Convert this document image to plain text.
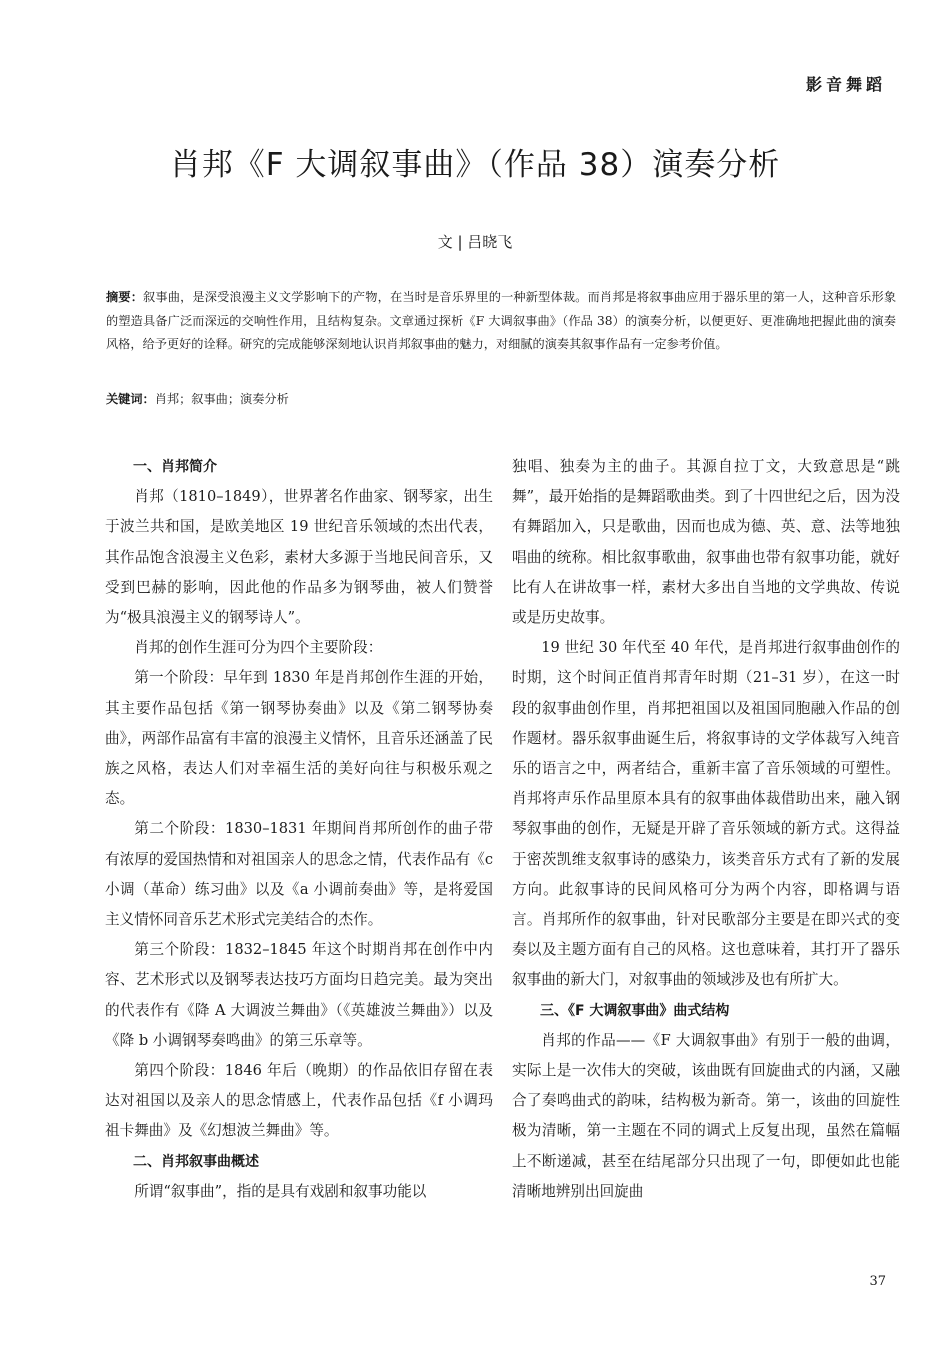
影音舞蹈
肖邦《F 大调叙事曲》（作品 38）演奏分析
文 | 吕晓飞
摘要：叙事曲，是深受浪漫主义文学影响下的产物，在当时是音乐界里的一种新型体裁。而肖邦是将叙事曲应用于器乐里的第一人，这种音乐形象的塑造具备广泛而深远的交响性作用，且结构复杂。文章通过探析《F 大调叙事曲》（作品 38）的演奏分析，以便更好、更准确地把握此曲的演奏风格，给予更好的诠释。研究的完成能够深刻地认识肖邦叙事曲的魅力，对细腻的演奏其叙事作品有一定参考价值。
关键词：肖邦；叙事曲；演奏分析
一、肖邦简介

肖邦（1810–1849），世界著名作曲家、钢琴家，出生于波兰共和国，是欧美地区 19 世纪音乐领域的杰出代表，其作品饱含浪漫主义色彩，素材大多源于当地民间音乐，又受到巴赫的影响，因此他的作品多为钢琴曲，被人们赞誉为“极具浪漫主义的钢琴诗人”。

肖邦的创作生涯可分为四个主要阶段：

第一个阶段：早年到 1830 年是肖邦创作生涯的开始，其主要作品包括《第一钢琴协奏曲》以及《第二钢琴协奏曲》，两部作品富有丰富的浪漫主义情怀，且音乐还涵盖了民族之风格，表达人们对幸福生活的美好向往与积极乐观之态。

第二个阶段：1830–1831 年期间肖邦所创作的曲子带有浓厚的爱国热情和对祖国亲人的思念之情，代表作品有《c 小调（革命）练习曲》以及《a 小调前奏曲》等，是将爱国主义情怀同音乐艺术形式完美结合的杰作。

第三个阶段：1832–1845 年这个时期肖邦在创作中内容、艺术形式以及钢琴表达技巧方面均日趋完美。最为突出的代表作有《降 A 大调波兰舞曲》（《英雄波兰舞曲》）以及《降 b 小调钢琴奏鸣曲》的第三乐章等。

第四个阶段：1846 年后（晚期）的作品依旧存留在表达对祖国以及亲人的思念情感上，代表作品包括《f 小调玛祖卡舞曲》及《幻想波兰舞曲》等。

二、肖邦叙事曲概述

所谓“叙事曲”，指的是具有戏剧和叙事功能以

独唱、独奏为主的曲子。其源自拉丁文，大致意思是“跳舞”，最开始指的是舞蹈歌曲类。到了十四世纪之后，因为没有舞蹈加入，只是歌曲，因而也成为德、英、意、法等地独唱曲的统称。相比叙事歌曲，叙事曲也带有叙事功能，就好比有人在讲故事一样，素材大多出自当地的文学典故、传说或是历史故事。

19 世纪 30 年代至 40 年代，是肖邦进行叙事曲创作的时期，这个时间正值肖邦青年时期（21–31 岁），在这一时段的叙事曲创作里，肖邦把祖国以及祖国同胞融入作品的创作题材。器乐叙事曲诞生后，将叙事诗的文学体裁写入纯音乐的语言之中，两者结合，重新丰富了音乐领域的可塑性。肖邦将声乐作品里原本具有的叙事曲体裁借助出来，融入钢琴叙事曲的创作，无疑是开辟了音乐领域的新方式。这得益于密茨凯维支叙事诗的感染力，该类音乐方式有了新的发展方向。此叙事诗的民间风格可分为两个内容，即格调与语言。肖邦所作的叙事曲，针对民歌部分主要是在即兴式的变奏以及主题方面有自己的风格。这也意味着，其打开了器乐叙事曲的新大门，对叙事曲的领域涉及也有所扩大。

三、《F 大调叙事曲》曲式结构

肖邦的作品——《F 大调叙事曲》有别于一般的曲调，实际上是一次伟大的突破，该曲既有回旋曲式的内涵，又融合了奏鸣曲式的韵味，结构极为新奇。第一，该曲的回旋性极为清晰，第一主题在不同的调式上反复出现，虽然在篇幅上不断递减，甚至在结尾部分只出现了一句，即便如此也能清晰地辨别出回旋曲

37
